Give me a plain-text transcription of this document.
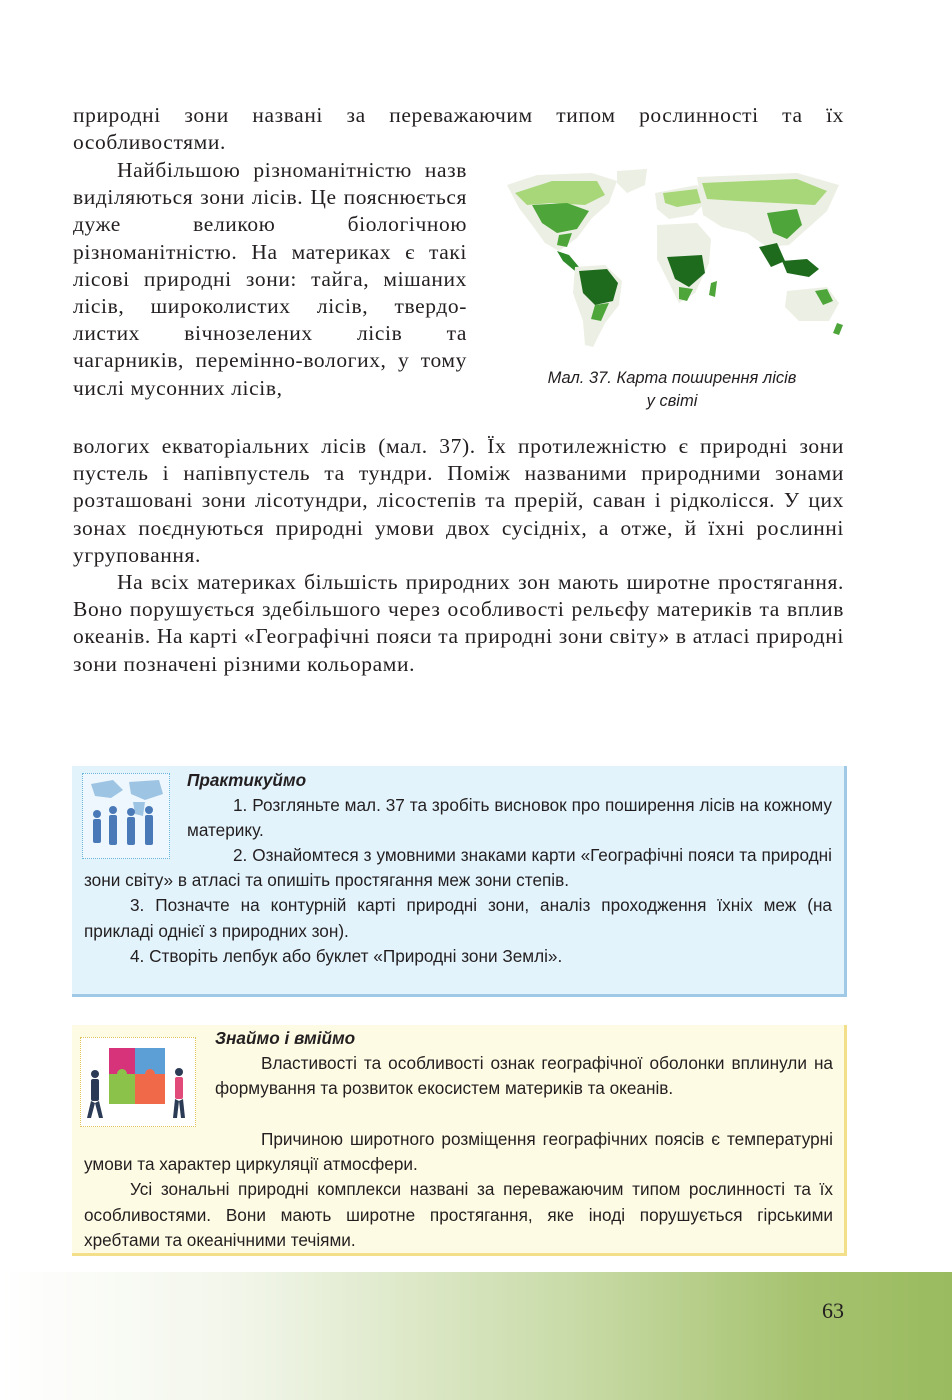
природні зони названі за переважаючим типом рослинності та їх особливостями.
Найбільшою різноманітністю назв виділяються зони лісів. Це пояснюється дуже великою біологічною різноманітністю. На материках є такі лісові природні зони: тайга, мішаних лісів, широколистих лісів, твердо-листих вічнозелених лісів та чагарників, перемінно-вологих, у тому числі мусонних лісів,	Мал. 37. Карта поширення лісів
у світі

вологих екваторіальних лісів (мал. 37). Їх протилежністю є природні зони пустель і напівпустель та тундри. Поміж названими природними зонами розташовані зони лісотундри, лісостепів та прерій, саван і рідколісся. У цих зонах поєднуються природні умови двох сусідніх, а отже, й їхні рослинні угруповання.

На всіх материках більшість природних зон мають широтне простягання. Воно порушується здебільшого через особливості рельєфу материків та вплив океанів. На карті «Географічні пояси та природні зони світу» в атласі природні зони позначені різними кольорами.

Практикуймо

1. Розгляньте мал. 37 та зробіть висновок про поширення лісів на кожному материку.

2. Ознайомтеся з умовними знаками карти «Географічні пояси та природні зони світу» в атласі та опишіть простягання меж зони степів.

3. Позначте на контурній карті природні зони, аналіз проходження їхніх меж (на прикладі однієї з природних зон).

4. Створіть лепбук або буклет «Природні зони Землі».

Знаймо і вміймо

Властивості та особливості ознак географічної оболонки вплинули на формування та розвиток екосистем материків та океанів.

Причиною широтного розміщення географічних поясів є температурні умови та характер циркуляції атмосфери.

Усі зональні природні комплекси названі за переважаючим типом рослинності та їх особливостями. Вони мають широтне простягання, яке іноді порушується гірськими хребтами та океанічними течіями.

63
